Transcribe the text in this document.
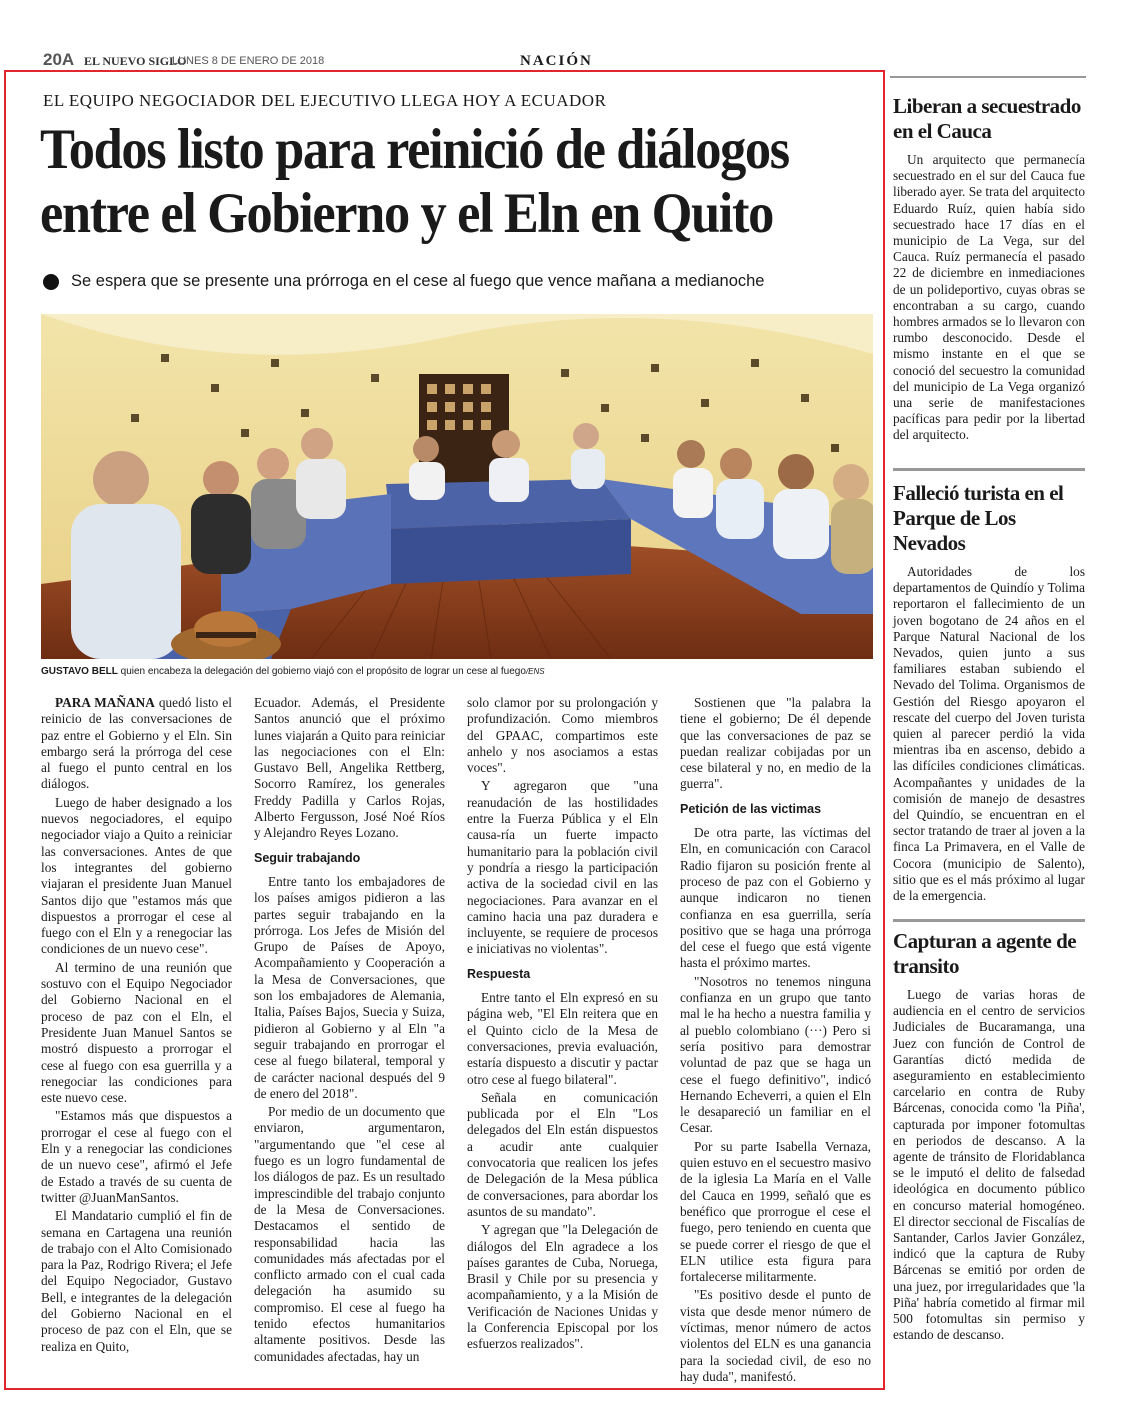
20A EL NUEVO SIGLO
LUNES 8 DE ENERO DE 2018	NACIÓN
EL EQUIPO NEGOCIADOR DEL EJECUTIVO LLEGA HOY A ECUADOR
Todos listo para reinició de diálogos
entre el Gobierno y el Eln en Quito
Se espera que se presente una prórroga en el cese al fuego que vence mañana a medianoche
GUSTAVO BELL quien encabeza la delegación del gobierno viajó con el propósito de lograr un cese al fuego/ENS

PARA MAÑANA quedó listo el reinicio de las conversaciones de paz entre el Gobierno y el Eln. Sin embargo será la prórroga del cese al fuego el punto central en los diálogos.

Luego de haber designado a los nuevos negociadores, el equipo negociador viajo a Quito a reiniciar las conversaciones. Antes de que los integrantes del gobierno viajaran el presidente Juan Manuel Santos dijo que "estamos más que dispuestos a prorrogar el cese al fuego con el Eln y a renegociar las condiciones de un nuevo cese".

Al termino de una reunión que sostuvo con el Equipo Negociador del Gobierno Nacional en el proceso de paz con el Eln, el Presidente Juan Manuel Santos se mostró dispuesto a prorrogar el cese al fuego con esa guerrilla y a renegociar las condiciones para este nuevo cese.

"Estamos más que dispuestos a prorrogar el cese al fuego con el Eln y a renegociar las condiciones de un nuevo cese", afirmó el Jefe de Estado a través de su cuenta de twitter @JuanManSantos.

El Mandatario cumplió el fin de semana en Cartagena una reunión de trabajo con el Alto Comisionado para la Paz, Rodrigo Rivera; el Jefe del Equipo Negociador, Gustavo Bell, e integrantes de la delegación del Gobierno Nacional en el proceso de paz con el Eln, que se realiza en Quito,

Ecuador. Además, el Presidente Santos anunció que el próximo lunes viajarán a Quito para reiniciar las negociaciones con el Eln: Gustavo Bell, Angelika Rettberg, Socorro Ramírez, los generales Freddy Padilla y Carlos Rojas, Alberto Fergusson, José Noé Ríos y Alejandro Reyes Lozano.

Seguir trabajando

Entre tanto los embajadores de los países amigos pidieron a las partes seguir trabajando en la prórroga. Los Jefes de Misión del Grupo de Países de Apoyo, Acompañamiento y Cooperación a la Mesa de Conversaciones, que son los embajadores de Alemania, Italia, Países Bajos, Suecia y Suiza, pidieron al Gobierno y al Eln "a seguir trabajando en prorrogar el cese al fuego bilateral, temporal y de carácter nacional después del 9 de enero del 2018".

Por medio de un documento que enviaron, argumentaron, "argumentando que "el cese al fuego es un logro fundamental de los diálogos de paz. Es un resultado imprescindible del trabajo conjunto de la Mesa de Conversaciones. Destacamos el sentido de responsabilidad hacia las comunidades más afectadas por el conflicto armado con el cual cada delegación ha asumido su compromiso. El cese al fuego ha tenido efectos humanitarios altamente positivos. Desde las comunidades afectadas, hay un

solo clamor por su prolongación y profundización. Como miembros del GPAAC, compartimos este anhelo y nos asociamos a estas voces".

Y agregaron que "una reanudación de las hostilidades entre la Fuerza Pública y el Eln causa-ría un fuerte impacto humanitario para la población civil y pondría a riesgo la participación activa de la sociedad civil en las negociaciones. Para avanzar en el camino hacia una paz duradera e incluyente, se requiere de procesos e iniciativas no violentas".

Respuesta

Entre tanto el Eln expresó en su página web, "El Eln reitera que en el Quinto ciclo de la Mesa de conversaciones, previa evaluación, estaría dispuesto a discutir y pactar otro cese al fuego bilateral".

Señala en comunicación publicada por el Eln "Los delegados del Eln están dispuestos a acudir ante cualquier convocatoria que realicen los jefes de Delegación de la Mesa pública de conversaciones, para abordar los asuntos de su mandato".

Y agregan que "la Delegación de diálogos del Eln agradece a los países garantes de Cuba, Noruega, Brasil y Chile por su presencia y acompañamiento, y a la Misión de Verificación de Naciones Unidas y la Conferencia Episcopal por los esfuerzos realizados".

Sostienen que "la palabra la tiene el gobierno; De él depende que las conversaciones de paz se puedan realizar cobijadas por un cese bilateral y no, en medio de la guerra".

Petición de las victimas

De otra parte, las víctimas del Eln, en comunicación con Caracol Radio fijaron su posición frente al proceso de paz con el Gobierno y aunque indicaron no tienen confianza en esa guerrilla, sería positivo que se haga una prórroga del cese el fuego que está vigente hasta el próximo martes.

"Nosotros no tenemos ninguna confianza en un grupo que tanto mal le ha hecho a nuestra familia y al pueblo colombiano (···) Pero si sería positivo para demostrar voluntad de paz que se haga un cese el fuego definitivo", indicó Hernando Echeverri, a quien el Eln le desapareció un familiar en el Cesar.

Por su parte Isabella Vernaza, quien estuvo en el secuestro masivo de la iglesia La María en el Valle del Cauca en 1999, señaló que es benéfico que prorrogue el cese el fuego, pero teniendo en cuenta que se puede correr el riesgo de que el ELN utilice esta figura para fortalecerse militarmente.

"Es positivo desde el punto de vista que desde menor número de víctimas, menor número de actos violentos del ELN es una ganancia para la sociedad civil, de eso no hay duda", manifestó.

Liberan a secuestrado en el Cauca

Un arquitecto que permanecía secuestrado en el sur del Cauca fue liberado ayer. Se trata del arquitecto Eduardo Ruíz, quien había sido secuestrado hace 17 días en el municipio de La Vega, sur del Cauca. Ruíz permanecía el pasado 22 de diciembre en inmediaciones de un polideportivo, cuyas obras se encontraban a su cargo, cuando hombres armados se lo llevaron con rumbo desconocido. Desde el mismo instante en el que se conoció del secuestro la comunidad del municipio de La Vega organizó una serie de manifestaciones pacíficas para pedir por la libertad del arquitecto.

Falleció turista en el Parque de Los Nevados

Autoridades de los departamentos de Quindío y Tolima reportaron el fallecimiento de un joven bogotano de 24 años en el Parque Natural Nacional de los Nevados, quien junto a sus familiares estaban subiendo el Nevado del Tolima. Organismos de Gestión del Riesgo apoyaron el rescate del cuerpo del Joven turista quien al parecer perdió la vida mientras iba en ascenso, debido a las difíciles condiciones climáticas. Acompañantes y unidades de la comisión de manejo de desastres del Quindío, se encuentran en el sector tratando de traer al joven a la finca La Primavera, en el Valle de Cocora (municipio de Salento), sitio que es el más próximo al lugar de la emergencia.

Capturan a agente de transito

Luego de varias horas de audiencia en el centro de servicios Judiciales de Bucaramanga, una Juez con función de Control de Garantías dictó medida de aseguramiento en establecimiento carcelario en contra de Ruby Bárcenas, conocida como 'la Piña', capturada por imponer fotomultas en periodos de descanso. A la agente de tránsito de Floridablanca se le imputó el delito de falsedad ideológica en documento público en concurso material homogéneo. El director seccional de Fiscalías de Santander, Carlos Javier González, indicó que la captura de Ruby Bárcenas se emitió por orden de una juez, por irregularidades que 'la Piña' habría cometido al firmar mil 500 fotomultas sin permiso y estando de descanso.
